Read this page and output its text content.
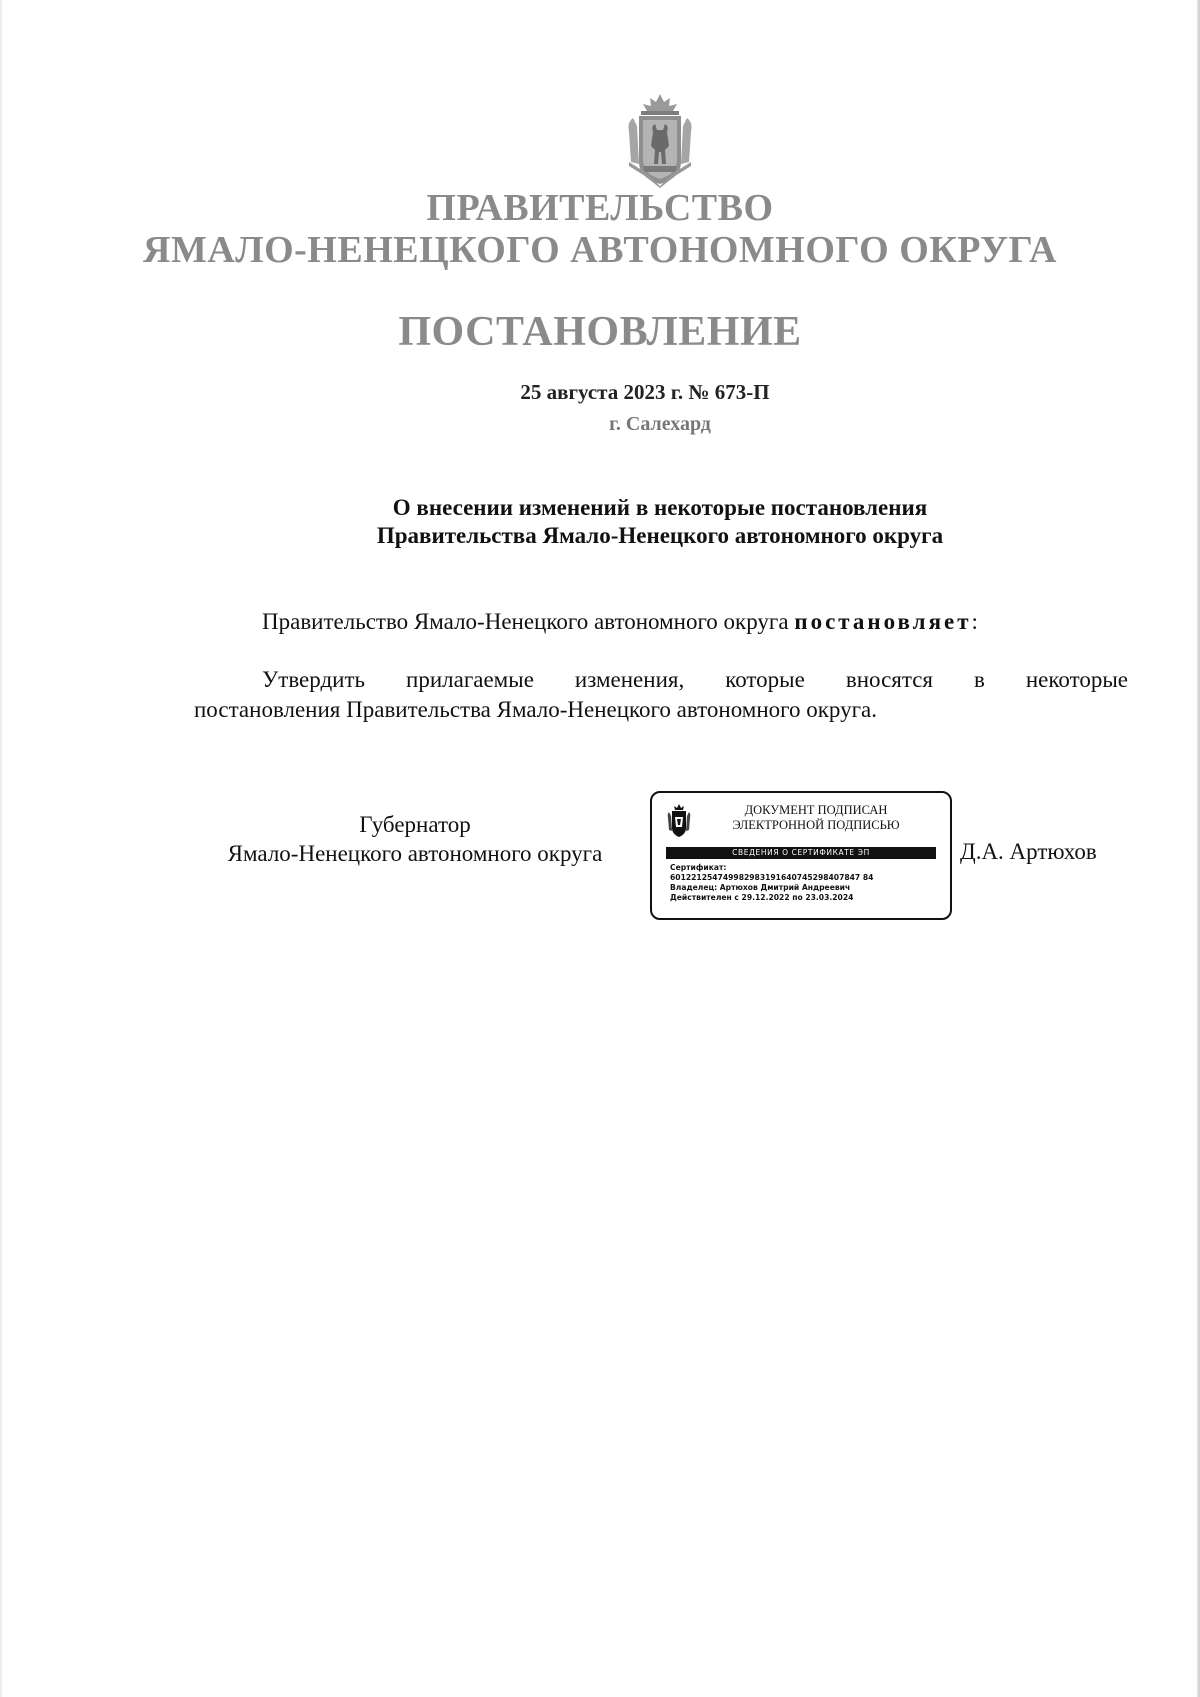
ПРАВИТЕЛЬСТВО
ЯМАЛО-НЕНЕЦКОГО АВТОНОМНОГО ОКРУГА
ПОСТАНОВЛЕНИЕ
25 августа 2023 г. № 673-П
г. Салехард
О внесении изменений в некоторые постановления
Правительства Ямало-Ненецкого автономного округа
Правительство Ямало-Ненецкого автономного округа постановляет:
Утвердить прилагаемые изменения, которые вносятся в некоторые
постановления Правительства Ямало-Ненецкого автономного округа.
Губернатор
Ямало-Ненецкого автономного округа
ДОКУМЕНТ ПОДПИСАН
ЭЛЕКТРОННОЙ ПОДПИСЬЮ
СВЕДЕНИЯ О СЕРТИФИКАТЕ ЭП
Сертификат:
601221254749982983191640745298407847 84
Владелец: Артюхов Дмитрий Андреевич
Действителен с 29.12.2022 по 23.03.2024
Д.А. Артюхов
